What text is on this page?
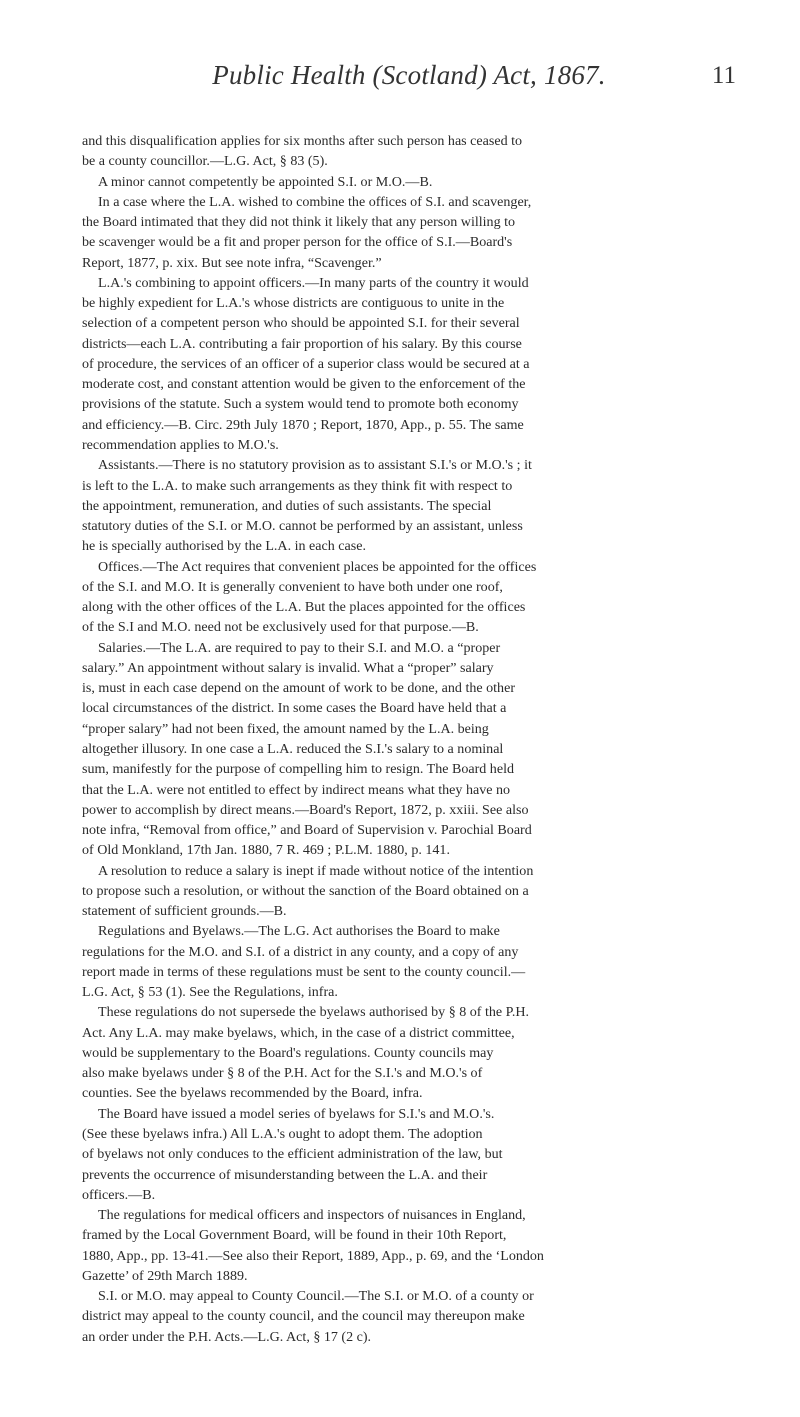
Public Health (Scotland) Act, 1867.	11
and this disqualification applies for six months after such person has ceased to
be a county councillor.—L.G. Act, § 83 (5).
A minor cannot competently be appointed S.I. or M.O.—B.
In a case where the L.A. wished to combine the offices of S.I. and scavenger,
the Board intimated that they did not think it likely that any person willing to
be scavenger would be a fit and proper person for the office of S.I.—Board's
Report, 1877, p. xix. But see note infra, “Scavenger.”
L.A.'s combining to appoint officers.—In many parts of the country it would
be highly expedient for L.A.'s whose districts are contiguous to unite in the
selection of a competent person who should be appointed S.I. for their several
districts—each L.A. contributing a fair proportion of his salary. By this course
of procedure, the services of an officer of a superior class would be secured at a
moderate cost, and constant attention would be given to the enforcement of the
provisions of the statute. Such a system would tend to promote both economy
and efficiency.—B. Circ. 29th July 1870 ; Report, 1870, App., p. 55. The same
recommendation applies to M.O.'s.
Assistants.—There is no statutory provision as to assistant S.I.'s or M.O.'s ; it
is left to the L.A. to make such arrangements as they think fit with respect to
the appointment, remuneration, and duties of such assistants. The special
statutory duties of the S.I. or M.O. cannot be performed by an assistant, unless
he is specially authorised by the L.A. in each case.
Offices.—The Act requires that convenient places be appointed for the offices
of the S.I. and M.O. It is generally convenient to have both under one roof,
along with the other offices of the L.A. But the places appointed for the offices
of the S.I and M.O. need not be exclusively used for that purpose.—B.
Salaries.—The L.A. are required to pay to their S.I. and M.O. a “proper
salary.” An appointment without salary is invalid. What a “proper” salary
is, must in each case depend on the amount of work to be done, and the other
local circumstances of the district. In some cases the Board have held that a
“proper salary” had not been fixed, the amount named by the L.A. being
altogether illusory. In one case a L.A. reduced the S.I.'s salary to a nominal
sum, manifestly for the purpose of compelling him to resign. The Board held
that the L.A. were not entitled to effect by indirect means what they have no
power to accomplish by direct means.—Board's Report, 1872, p. xxiii. See also
note infra, “Removal from office,” and Board of Supervision v. Parochial Board
of Old Monkland, 17th Jan. 1880, 7 R. 469 ; P.L.M. 1880, p. 141.
A resolution to reduce a salary is inept if made without notice of the intention
to propose such a resolution, or without the sanction of the Board obtained on a
statement of sufficient grounds.—B.
Regulations and Byelaws.—The L.G. Act authorises the Board to make
regulations for the M.O. and S.I. of a district in any county, and a copy of any
report made in terms of these regulations must be sent to the county council.—
L.G. Act, § 53 (1). See the Regulations, infra.
These regulations do not supersede the byelaws authorised by § 8 of the P.H.
Act. Any L.A. may make byelaws, which, in the case of a district committee,
would be supplementary to the Board's regulations. County councils may
also make byelaws under § 8 of the P.H. Act for the S.I.'s and M.O.'s of
counties. See the byelaws recommended by the Board, infra.
The Board have issued a model series of byelaws for S.I.'s and M.O.'s.
(See these byelaws infra.) All L.A.'s ought to adopt them. The adoption
of byelaws not only conduces to the efficient administration of the law, but
prevents the occurrence of misunderstanding between the L.A. and their
officers.—B.
The regulations for medical officers and inspectors of nuisances in England,
framed by the Local Government Board, will be found in their 10th Report,
1880, App., pp. 13-41.—See also their Report, 1889, App., p. 69, and the ‘London
Gazette’ of 29th March 1889.
S.I. or M.O. may appeal to County Council.—The S.I. or M.O. of a county or
district may appeal to the county council, and the council may thereupon make
an order under the P.H. Acts.—L.G. Act, § 17 (2 c).
